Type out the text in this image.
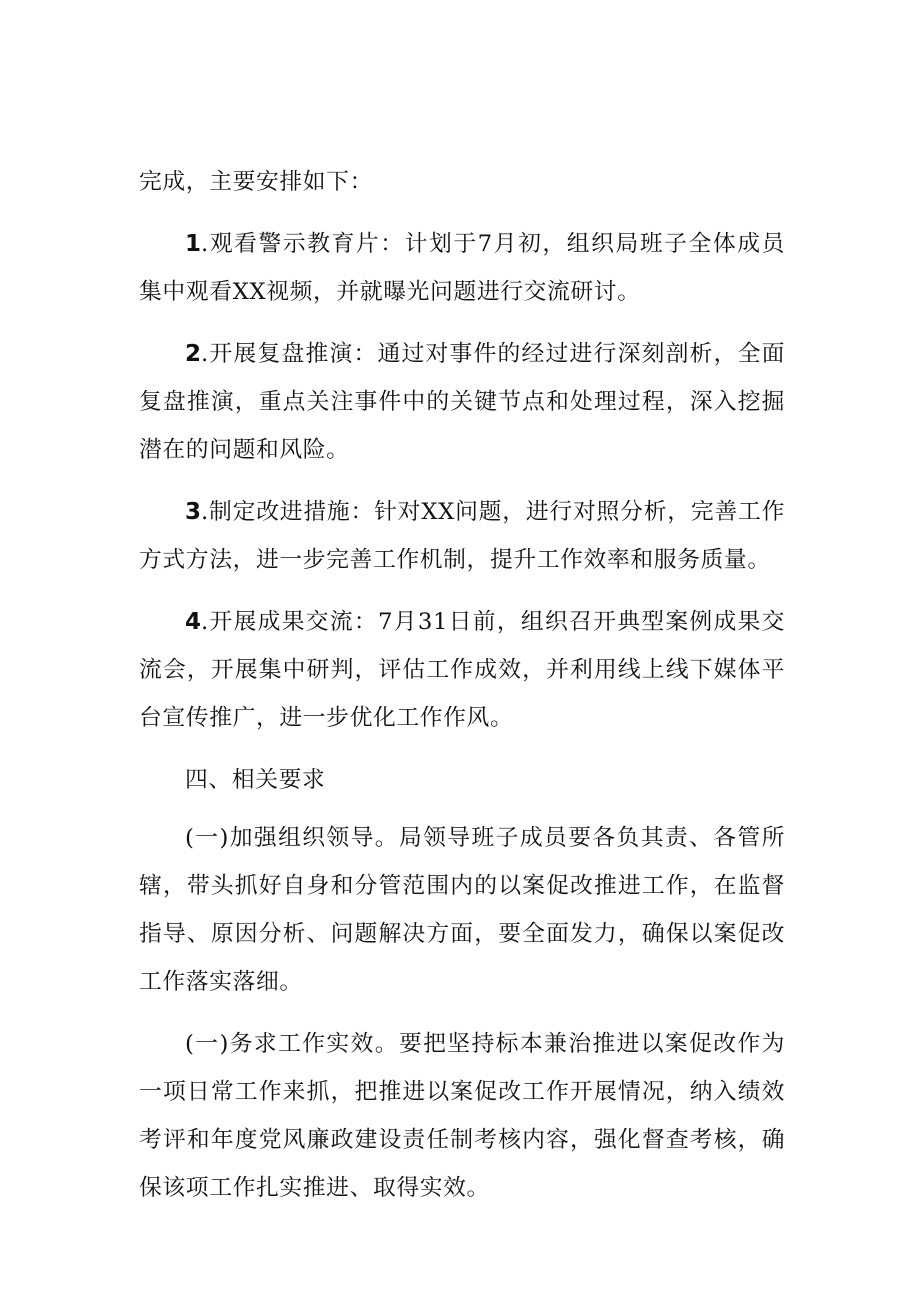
完成，主要安排如下：

1.观看警示教育片：计划于7月初，组织局班子全体成员集中观看XX视频，并就曝光问题进行交流研讨。

2.开展复盘推演：通过对事件的经过进行深刻剖析，全面复盘推演，重点关注事件中的关键节点和处理过程，深入挖掘潜在的问题和风险。

3.制定改进措施：针对XX问题，进行对照分析，完善工作方式方法，进一步完善工作机制，提升工作效率和服务质量。

4.开展成果交流：7月31日前，组织召开典型案例成果交流会，开展集中研判，评估工作成效，并利用线上线下媒体平台宣传推广，进一步优化工作作风。

四、相关要求

(一)加强组织领导。局领导班子成员要各负其责、各管所辖，带头抓好自身和分管范围内的以案促改推进工作，在监督指导、原因分析、问题解决方面，要全面发力，确保以案促改工作落实落细。

(一)务求工作实效。要把坚持标本兼治推进以案促改作为一项日常工作来抓，把推进以案促改工作开展情况，纳入绩效考评和年度党风廉政建设责任制考核内容，强化督查考核，确保该项工作扎实推进、取得实效。
